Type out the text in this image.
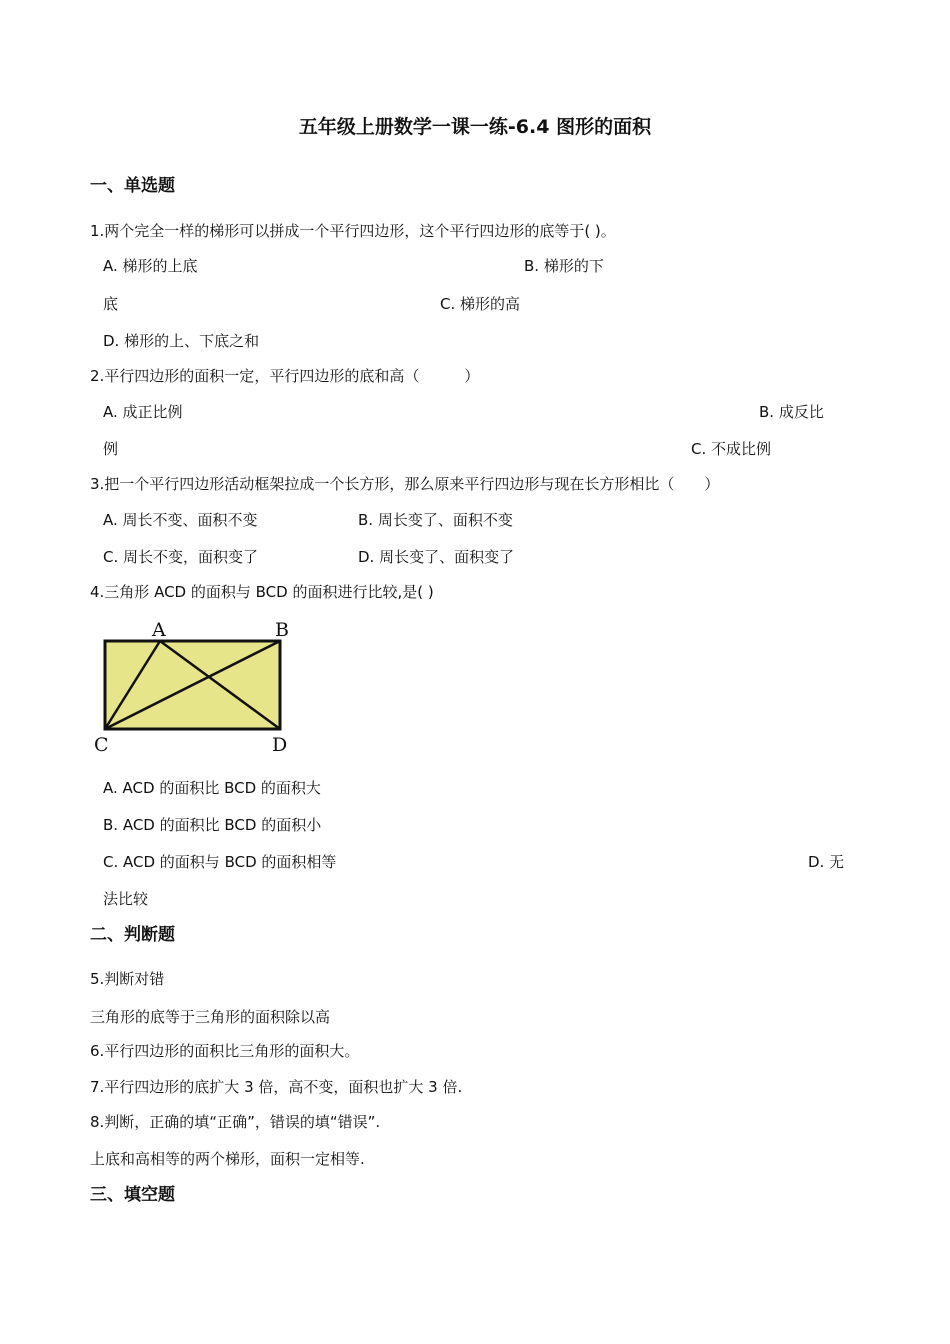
五年级上册数学一课一练-6.4 图形的面积
一、单选题
1.两个完全一样的梯形可以拼成一个平行四边形，这个平行四边形的底等于( )。
A. 梯形的上底	B. 梯形的下
底	C. 梯形的高
D. 梯形的上、下底之和
2.平行四边形的面积一定，平行四边形的底和高（　　　）
A. 成正比例	B. 成反比
例	C. 不成比例
3.把一个平行四边形活动框架拉成一个长方形，那么原来平行四边形与现在长方形相比（　　）
A. 周长不变、面积不变	B. 周长变了、面积不变
C. 周长不变，面积变了	D. 周长变了、面积变了
4.三角形 ACD 的面积与 BCD 的面积进行比较,是( )
A	B
C	D
A. ACD 的面积比 BCD 的面积大
B. ACD 的面积比 BCD 的面积小
C. ACD 的面积与 BCD 的面积相等	D. 无
法比较
二、判断题
5.判断对错
三角形的底等于三角形的面积除以高
6.平行四边形的面积比三角形的面积大。
7.平行四边形的底扩大 3 倍，高不变，面积也扩大 3 倍.
8.判断，正确的填“正确”，错误的填“错误”.
上底和高相等的两个梯形，面积一定相等.
三、填空题
